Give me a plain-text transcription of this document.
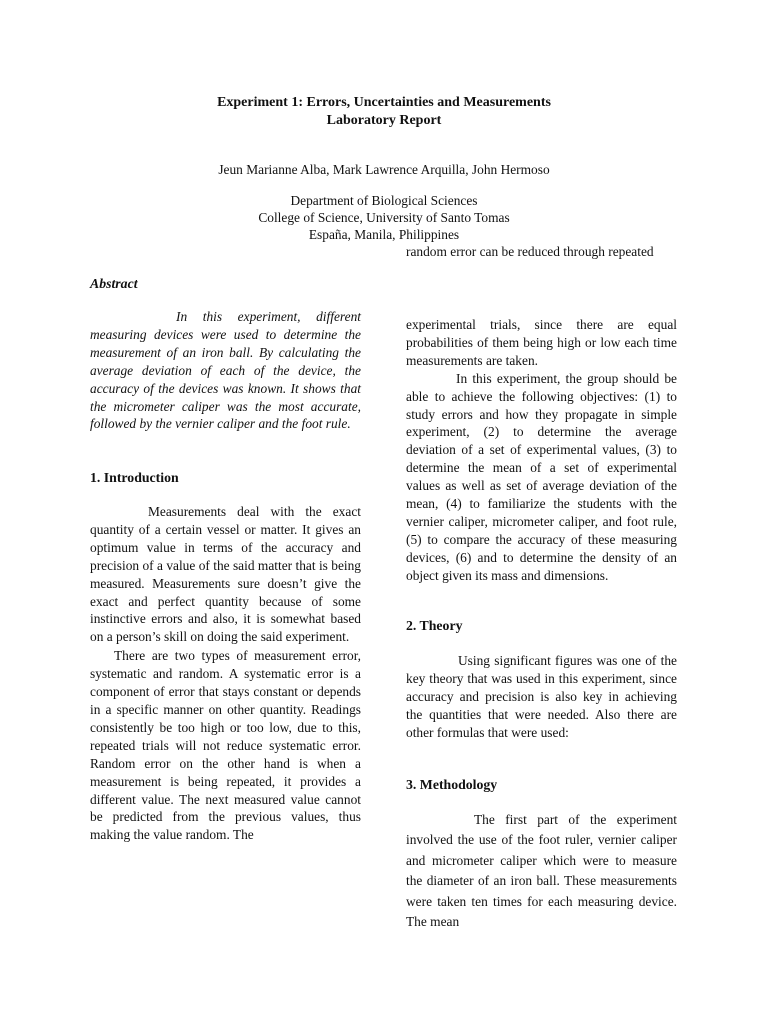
Experiment 1: Errors, Uncertainties and Measurements
Laboratory Report
Jeun Marianne Alba, Mark Lawrence Arquilla, John Hermoso
Department of Biological Sciences
College of Science, University of Santo Tomas
España, Manila, Philippines
Abstract

In this experiment, different measuring devices were used to determine the measurement of an iron ball. By calculating the average deviation of each of the device, the accuracy of the devices was known. It shows that the micrometer caliper was the most accurate, followed by the vernier caliper and the foot rule.

1. Introduction

Measurements deal with the exact quantity of a certain vessel or matter. It gives an optimum value in terms of the accuracy and precision of a value of the said matter that is being measured. Measurements sure doesn’t give the exact and perfect quantity because of some instinctive errors and also, it is somewhat based on a person’s skill on doing the said experiment.

There are two types of measurement error, systematic and random. A systematic error is a component of error that stays constant or depends in a specific manner on other quantity. Readings consistently be too high or too low, due to this, repeated trials will not reduce systematic error. Random error on the other hand is when a measurement is being repeated, it provides a different value. The next measured value cannot be predicted from the previous values, thus making the value random. The

random error can be reduced through repeated

experimental trials, since there are equal probabilities of them being high or low each time measurements are taken.

In this experiment, the group should be able to achieve the following objectives: (1) to study errors and how they propagate in simple experiment, (2) to determine the average deviation of a set of experimental values, (3) to determine the mean of a set of experimental values as well as set of average deviation of the mean, (4) to familiarize the students with the vernier caliper, micrometer caliper, and foot rule, (5) to compare the accuracy of these measuring devices, (6) and to determine the density of an object given its mass and dimensions.

2. Theory

Using significant figures was one of the key theory that was used in this experiment, since accuracy and precision is also key in achieving the quantities that were needed. Also there are other formulas that were used:

3. Methodology

The first part of the experiment involved the use of the foot ruler, vernier caliper and micrometer caliper which were to measure the diameter of an iron ball. These measurements were taken ten times for each measuring device. The mean
